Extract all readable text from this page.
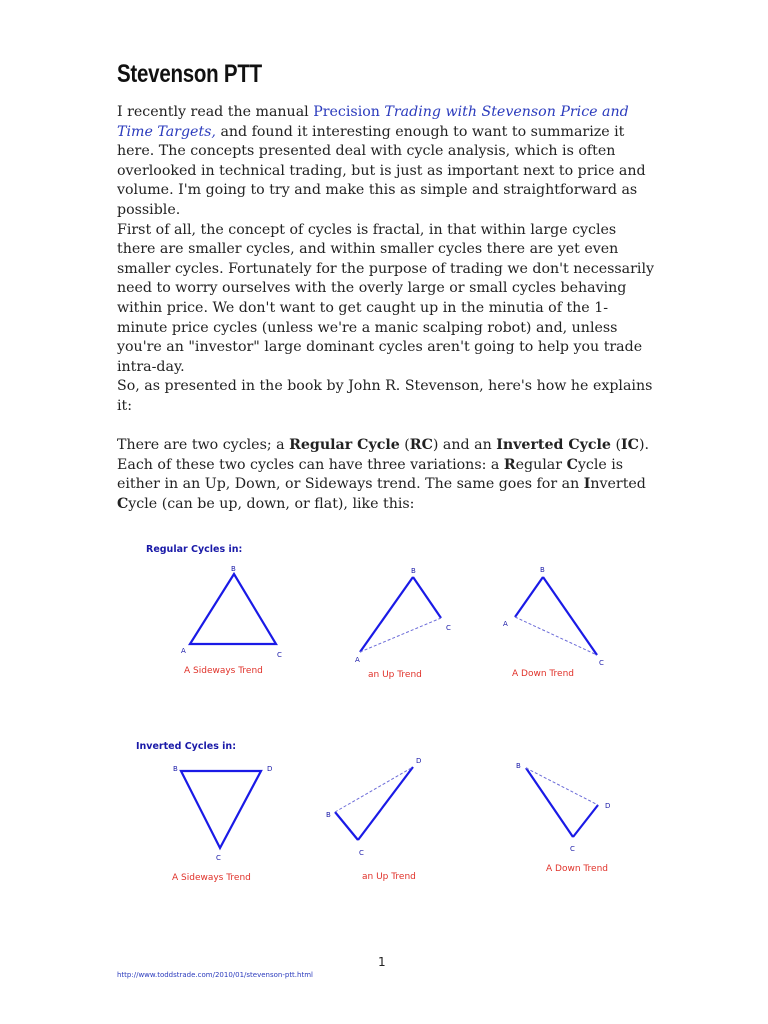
Stevenson PTT

I recently read the manual Precision Trading with Stevenson Price and Time Targets, and found it interesting enough to want to summarize it here. The concepts presented deal with cycle analysis, which is often overlooked in technical trading, but is just as important next to price and volume. I'm going to try and make this as simple and straightforward as possible.

First of all, the concept of cycles is fractal, in that within large cycles there are smaller cycles, and within smaller cycles there are yet even smaller cycles. Fortunately for the purpose of trading we don't necessarily need to worry ourselves with the overly large or small cycles behaving within price. We don't want to get caught up in the minutia of the 1-minute price cycles (unless we're a manic scalping robot) and, unless you're an "investor" large dominant cycles aren't going to help you trade intra-day.

So, as presented in the book by John R. Stevenson, here's how he explains it:

There are two cycles; a Regular Cycle (RC) and an Inverted Cycle (IC).

Each of these two cycles can have three variations: a Regular Cycle is either in an Up, Down, or Sideways trend. The same goes for an Inverted Cycle (can be up, down, or flat), like this:

Regular Cycles in:
Inverted Cycles in:
A
B
C
A Sideways Trend
A
B
C
an Up Trend
A
B
C
A Down Trend
B	D
C
A Sideways Trend
B
C
D
an Up Trend
B
C
D
A Down Trend
1
http://www.toddstrade.com/2010/01/stevenson-ptt.html
